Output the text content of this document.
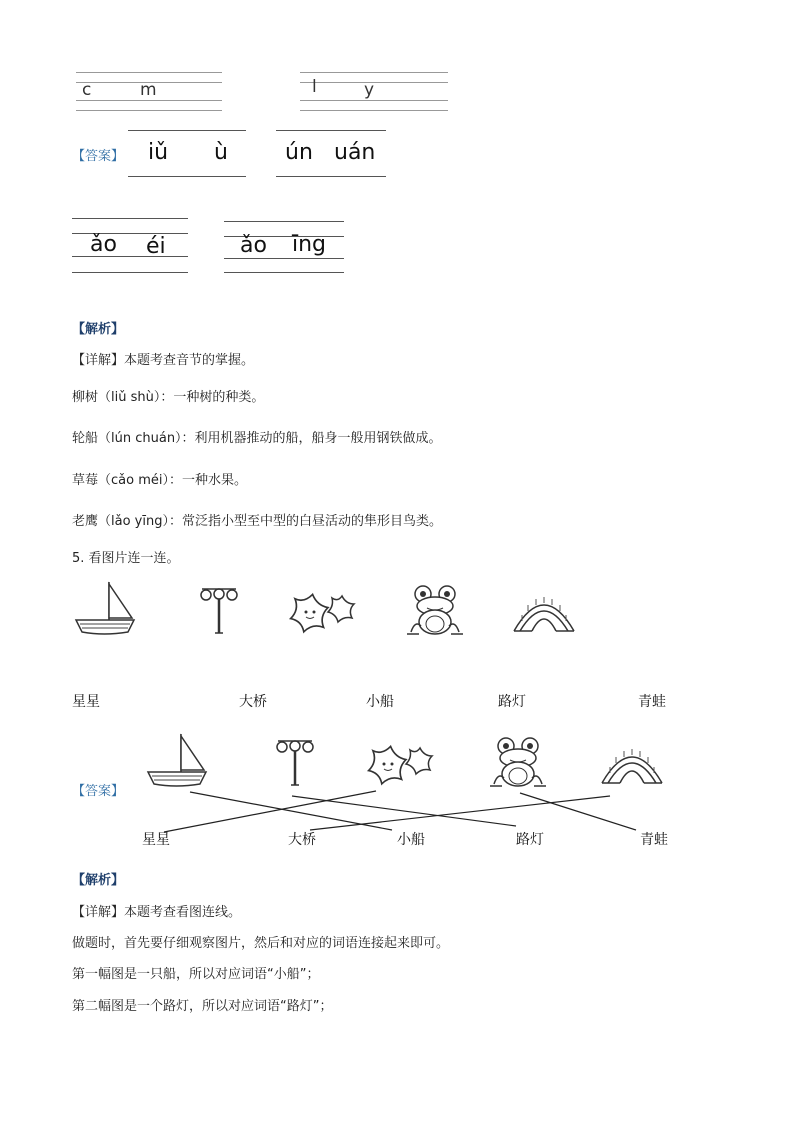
c	m	l	y
【答案】 iǔ ù	ún uán
ǎo éi	ǎo īng
【解析】
【详解】本题考查音节的掌握。
柳树（liǔ shù）：一种树的种类。
轮船（lún chuán）：利用机器推动的船，船身一般用钢铁做成。
草莓（cǎo méi）：一种水果。
老鹰（lǎo yīng）：常泛指小型至中型的白昼活动的隼形目鸟类。
5. 看图片连一连。
星星	大桥	小船	路灯	青蛙
【答案】
星星	大桥	小船	路灯	青蛙
【解析】
【详解】本题考查看图连线。
做题时，首先要仔细观察图片，然后和对应的词语连接起来即可。
第一幅图是一只船，所以对应词语“小船”；
第二幅图是一个路灯，所以对应词语“路灯”；
